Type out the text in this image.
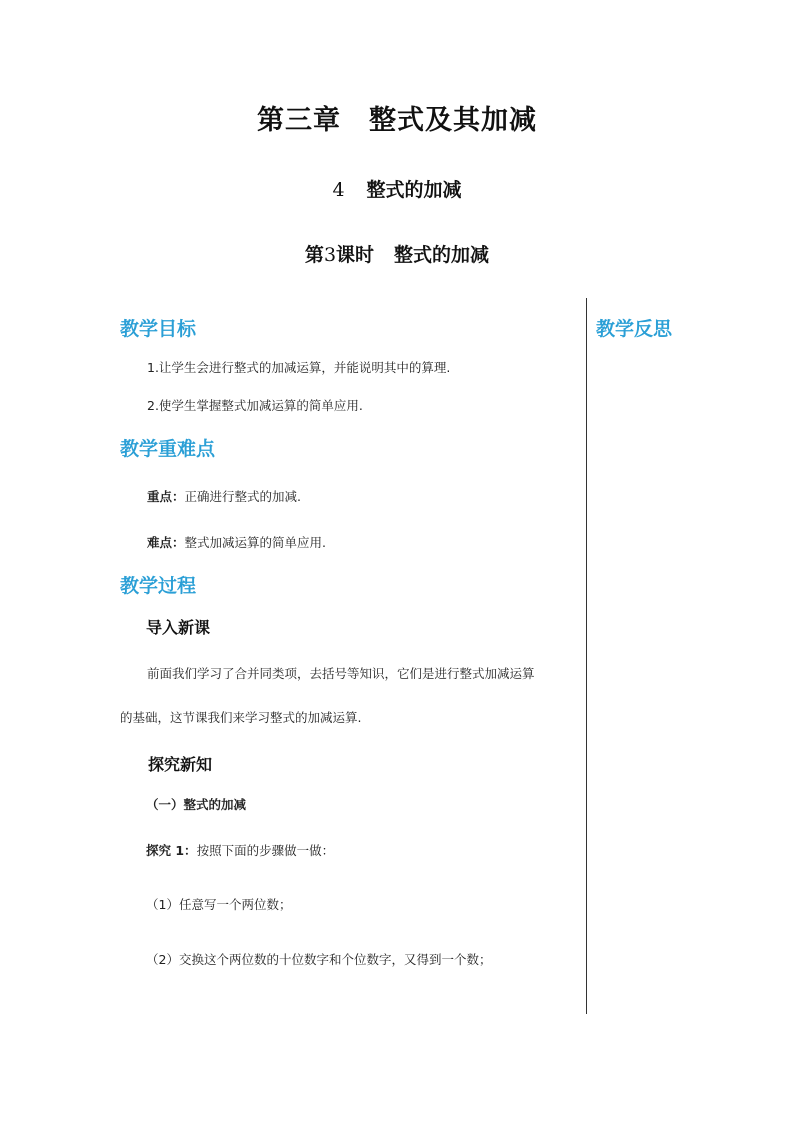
第三章　整式及其加减
4 整式的加减
第3课时 整式的加减
教学反思
教学目标
1.让学生会进行整式的加减运算，并能说明其中的算理.
2.使学生掌握整式加减运算的简单应用.
教学重难点
重点：正确进行整式的加减.
难点：整式加减运算的简单应用.
教学过程
导入新课
前面我们学习了合并同类项，去括号等知识，它们是进行整式加减运算
的基础，这节课我们来学习整式的加减运算.
探究新知
（一）整式的加减
探究 1：按照下面的步骤做一做：
（1）任意写一个两位数；
（2）交换这个两位数的十位数字和个位数字，又得到一个数；
